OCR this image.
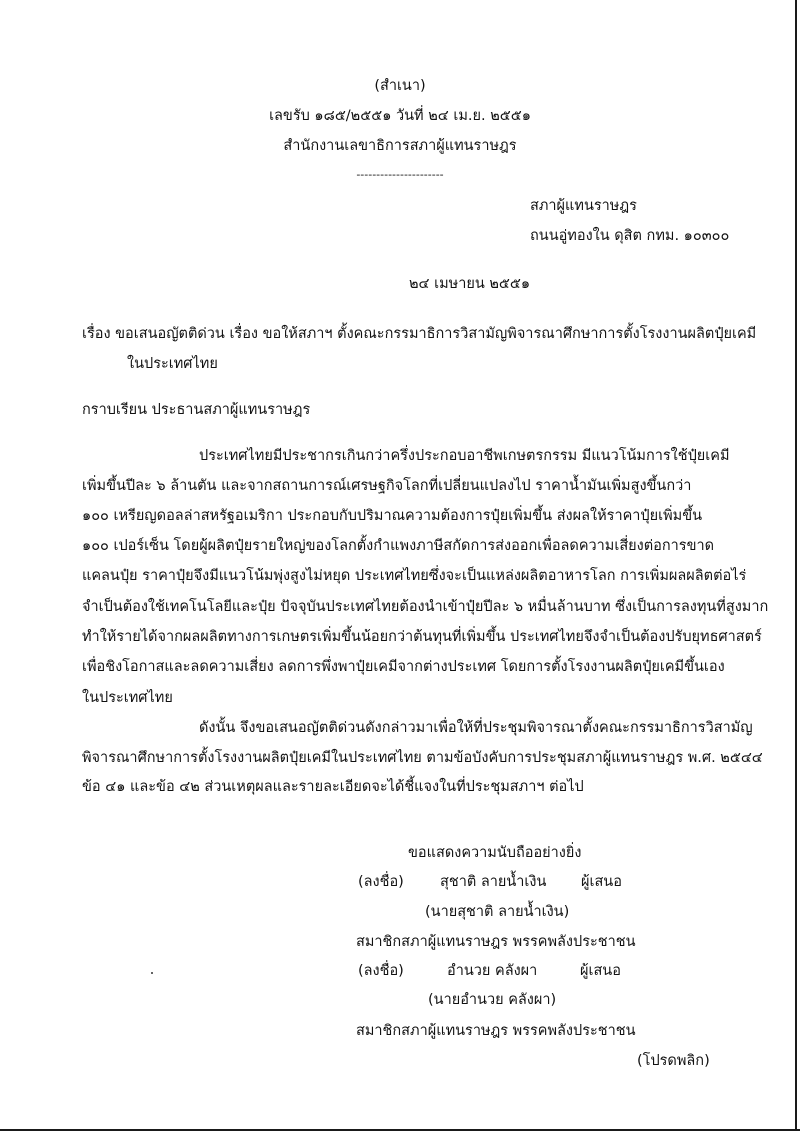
(สำเนา)
เลขรับ ๑๘๕/๒๕๕๑ วันที่ ๒๔ เม.ย. ๒๕๕๑
สำนักงานเลขาธิการสภาผู้แทนราษฎร
----------------------
สภาผู้แทนราษฎร
ถนนอู่ทองใน ดุสิต กทม. ๑๐๓๐๐
๒๔ เมษายน ๒๕๕๑
เรื่อง ขอเสนอญัตติด่วน เรื่อง ขอให้สภาฯ ตั้งคณะกรรมาธิการวิสามัญพิจารณาศึกษาการตั้งโรงงานผลิตปุ๋ยเคมี
ในประเทศไทย
กราบเรียน ประธานสภาผู้แทนราษฎร
ประเทศไทยมีประชากรเกินกว่าครึ่งประกอบอาชีพเกษตรกรรม มีแนวโน้มการใช้ปุ๋ยเคมี
เพิ่มขึ้นปีละ ๖ ล้านตัน และจากสถานการณ์เศรษฐกิจโลกที่เปลี่ยนแปลงไป ราคาน้ำมันเพิ่มสูงขึ้นกว่า
๑๐๐ เหรียญดอลล่าสหรัฐอเมริกา ประกอบกับปริมาณความต้องการปุ๋ยเพิ่มขึ้น ส่งผลให้ราคาปุ๋ยเพิ่มขึ้น
๑๐๐ เปอร์เซ็น โดยผู้ผลิตปุ๋ยรายใหญ่ของโลกตั้งกำแพงภาษีสกัดการส่งออกเพื่อลดความเสี่ยงต่อการขาด
แคลนปุ๋ย ราคาปุ๋ยจึงมีแนวโน้มพุ่งสูงไม่หยุด ประเทศไทยซึ่งจะเป็นแหล่งผลิตอาหารโลก การเพิ่มผลผลิตต่อไร่
จำเป็นต้องใช้เทคโนโลยีและปุ๋ย ปัจจุบันประเทศไทยต้องนำเข้าปุ๋ยปีละ ๖ หมื่นล้านบาท ซึ่งเป็นการลงทุนที่สูงมาก
ทำให้รายได้จากผลผลิตทางการเกษตรเพิ่มขึ้นน้อยกว่าต้นทุนที่เพิ่มขึ้น ประเทศไทยจึงจำเป็นต้องปรับยุทธศาสตร์
เพื่อชิงโอกาสและลดความเสี่ยง ลดการพึ่งพาปุ๋ยเคมีจากต่างประเทศ โดยการตั้งโรงงานผลิตปุ๋ยเคมีขึ้นเอง
ในประเทศไทย
ดังนั้น จึงขอเสนอญัตติด่วนดังกล่าวมาเพื่อให้ที่ประชุมพิจารณาตั้งคณะกรรมาธิการวิสามัญ
พิจารณาศึกษาการตั้งโรงงานผลิตปุ๋ยเคมีในประเทศไทย ตามข้อบังคับการประชุมสภาผู้แทนราษฎร พ.ศ. ๒๕๔๔
ข้อ ๔๑ และข้อ ๔๒ ส่วนเหตุผลและรายละเอียดจะได้ชี้แจงในที่ประชุมสภาฯ ต่อไป
ขอแสดงความนับถืออย่างยิ่ง
(ลงชื่อ) สุชาติ ลายน้ำเงิน ผู้เสนอ
(นายสุชาติ ลายน้ำเงิน)
สมาชิกสภาผู้แทนราษฎร พรรคพลังประชาชน
(ลงชื่อ)	อำนวย คลังผา	ผู้เสนอ
(นายอำนวย คลังผา)
สมาชิกสภาผู้แทนราษฎร พรรคพลังประชาชน
(โปรดพลิก)
